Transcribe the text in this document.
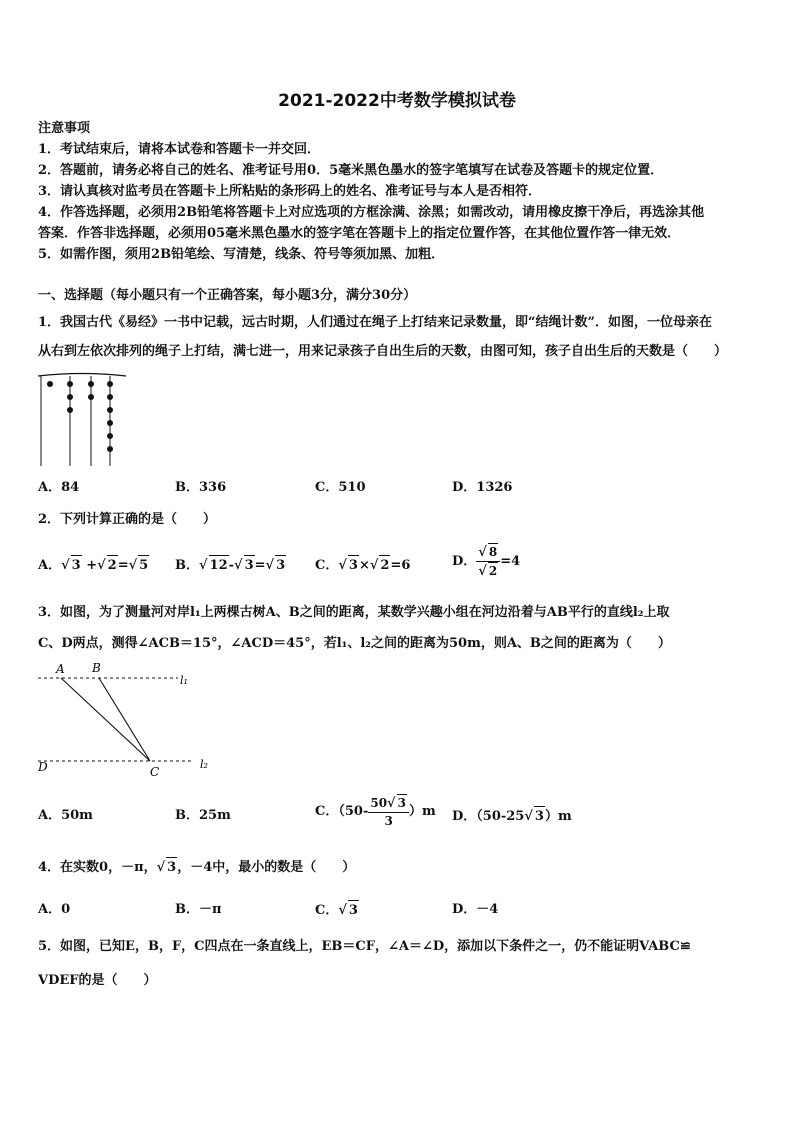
2021-2022中考数学模拟试卷
注意事项
1．考试结束后，请将本试卷和答题卡一并交回．
2．答题前，请务必将自己的姓名、准考证号用0．5毫米黑色墨水的签字笔填写在试卷及答题卡的规定位置．
3．请认真核对监考员在答题卡上所粘贴的条形码上的姓名、准考证号与本人是否相符．
4．作答选择题，必须用2B铅笔将答题卡上对应选项的方框涂满、涂黑；如需改动，请用橡皮擦干净后，再选涂其他
答案．作答非选择题，必须用05毫米黑色墨水的签字笔在答题卡上的指定位置作答，在其他位置作答一律无效．
5．如需作图，须用2B铅笔绘、写清楚，线条、符号等须加黑、加粗．
一、选择题（每小题只有一个正确答案，每小题3分，满分30分）
1．我国古代《易经》一书中记载，远古时期，人们通过在绳子上打结来记录数量，即“结绳计数”．如图，一位母亲在
从右到左依次排列的绳子上打结，满七进一，用来记录孩子自出生后的天数，由图可知，孩子自出生后的天数是（　　）
A．84	B．336	C．510	D．1326
2．下列计算正确的是（　　）
A．√ 3 +√ 2=√ 5 B．√ 12-√ 3=√ 3 C．√ 3×√ 2=6	D． $\frac{√ 8}{√ 2} =4$
3．如图，为了测量河对岸l₁上两棵古树A、B之间的距离，某数学兴趣小组在河边沿着与AB平行的直线l₂上取
C、D两点，测得∠ACB＝15°，∠ACD＝45°，若l₁、l₂之间的距离为50m，则A、B之间的距离为（　　）
A B
C
D
l₁
l₂
A．50m	B．25m	C．$(50- \frac{50√ 3}{3} )m$ D．（50-25√ 3）m
4．在实数0，－π，√ 3，－4中，最小的数是（　　）
A．0	B．－π	C．√ 3	D．－4
5．如图，已知E，B，F，C四点在一条直线上，EB＝CF，∠A＝∠D，添加以下条件之一，仍不能证明VABC≌
VDEF的是（　　）
